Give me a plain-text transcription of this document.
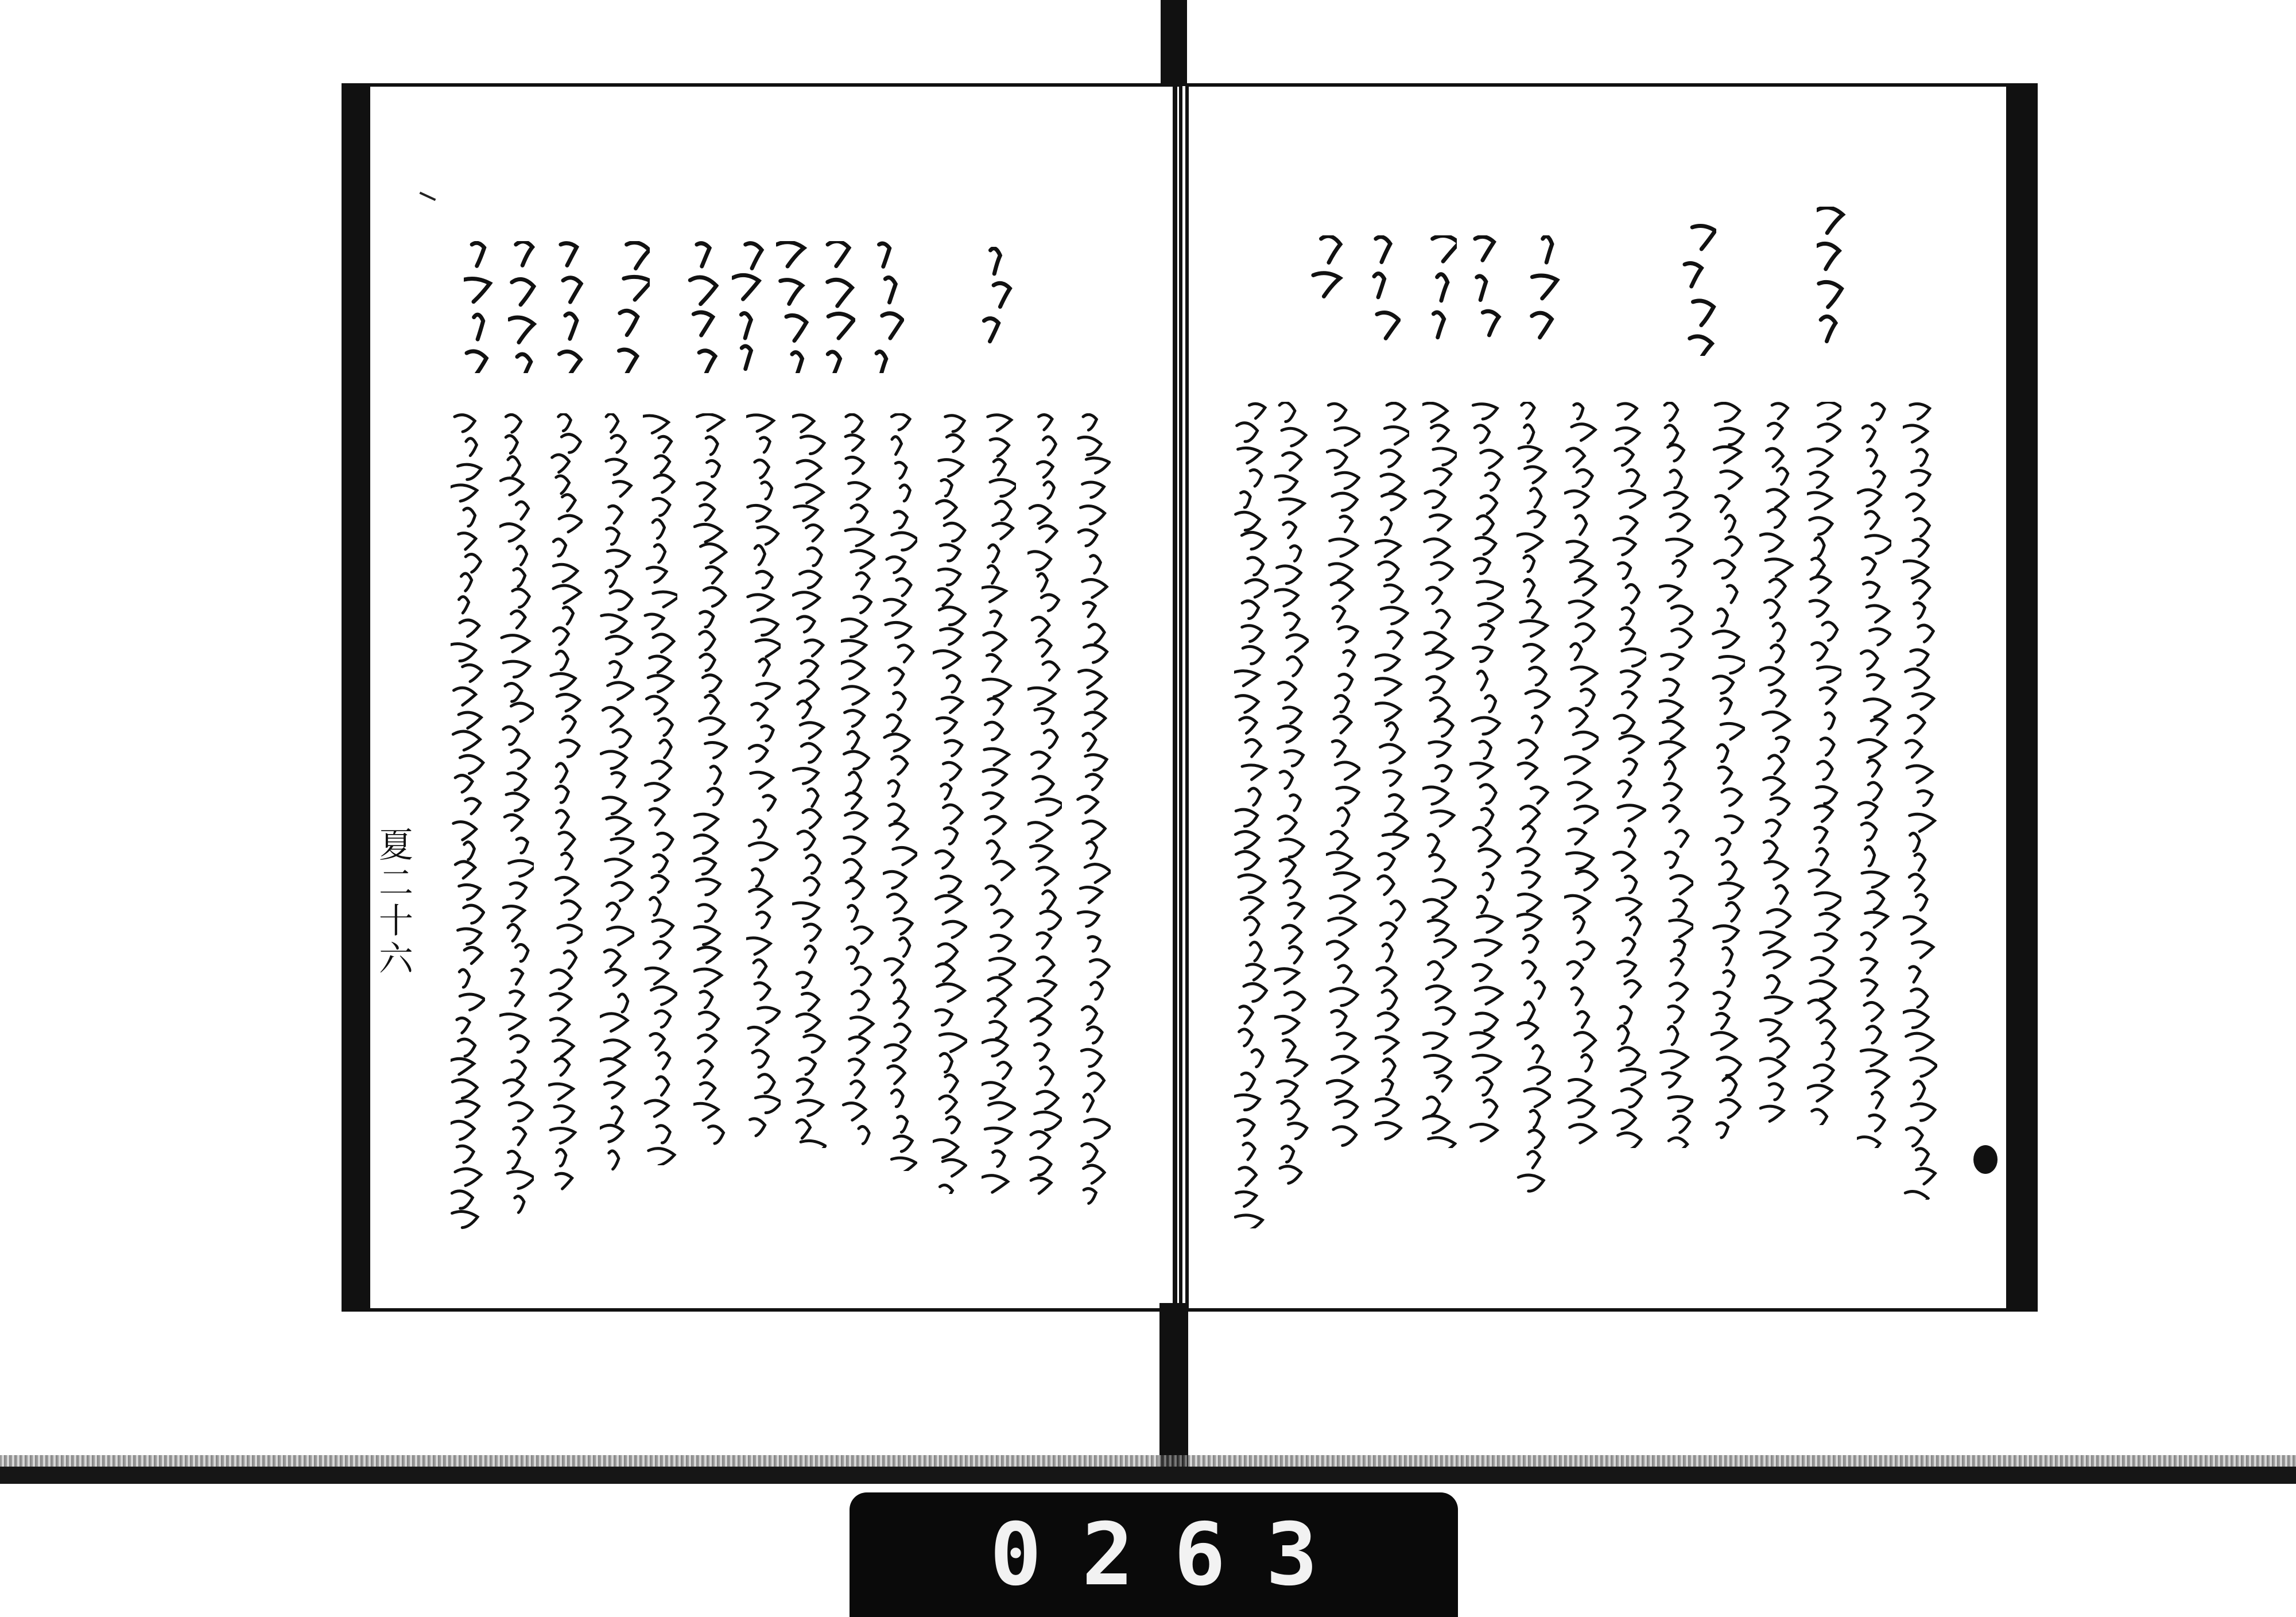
夏二十六
0263
